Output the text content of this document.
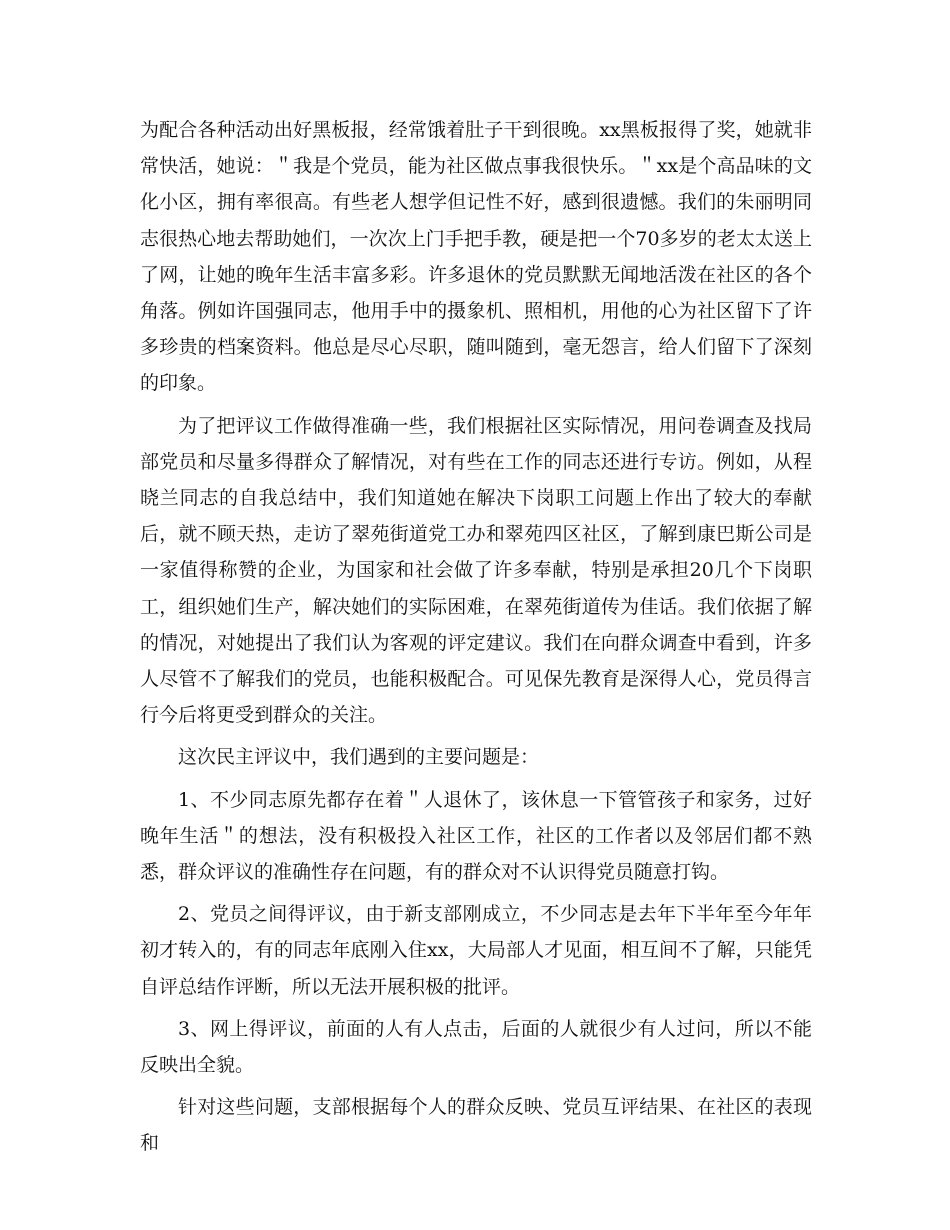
为配合各种活动出好黑板报，经常饿着肚子干到很晚。xx黑板报得了奖，她就非常快活，她说：＂我是个党员，能为社区做点事我很快乐。＂xx是个高品味的文化小区，拥有率很高。有些老人想学但记性不好，感到很遗憾。我们的朱丽明同志很热心地去帮助她们，一次次上门手把手教，硬是把一个70多岁的老太太送上了网，让她的晚年生活丰富多彩。许多退休的党员默默无闻地活泼在社区的各个角落。例如许国强同志，他用手中的摄象机、照相机，用他的心为社区留下了许多珍贵的档案资料。他总是尽心尽职，随叫随到，毫无怨言，给人们留下了深刻的印象。

为了把评议工作做得准确一些，我们根据社区实际情况，用问卷调查及找局部党员和尽量多得群众了解情况，对有些在工作的同志还进行专访。例如，从程晓兰同志的自我总结中，我们知道她在解决下岗职工问题上作出了较大的奉献后，就不顾天热，走访了翠苑街道党工办和翠苑四区社区，了解到康巴斯公司是一家值得称赞的企业，为国家和社会做了许多奉献，特别是承担20几个下岗职工，组织她们生产，解决她们的实际困难，在翠苑街道传为佳话。我们依据了解的情况，对她提出了我们认为客观的评定建议。我们在向群众调查中看到，许多人尽管不了解我们的党员，也能积极配合。可见保先教育是深得人心，党员得言行今后将更受到群众的关注。

这次民主评议中，我们遇到的主要问题是：

1、不少同志原先都存在着＂人退休了，该休息一下管管孩子和家务，过好晚年生活＂的想法，没有积极投入社区工作，社区的工作者以及邻居们都不熟悉，群众评议的准确性存在问题，有的群众对不认识得党员随意打钩。

2、党员之间得评议，由于新支部刚成立，不少同志是去年下半年至今年年初才转入的，有的同志年底刚入住xx，大局部人才见面，相互间不了解，只能凭自评总结作评断，所以无法开展积极的批评。

3、网上得评议，前面的人有人点击，后面的人就很少有人过问，所以不能反映出全貌。

针对这些问题，支部根据每个人的群众反映、党员互评结果、在社区的表现和
